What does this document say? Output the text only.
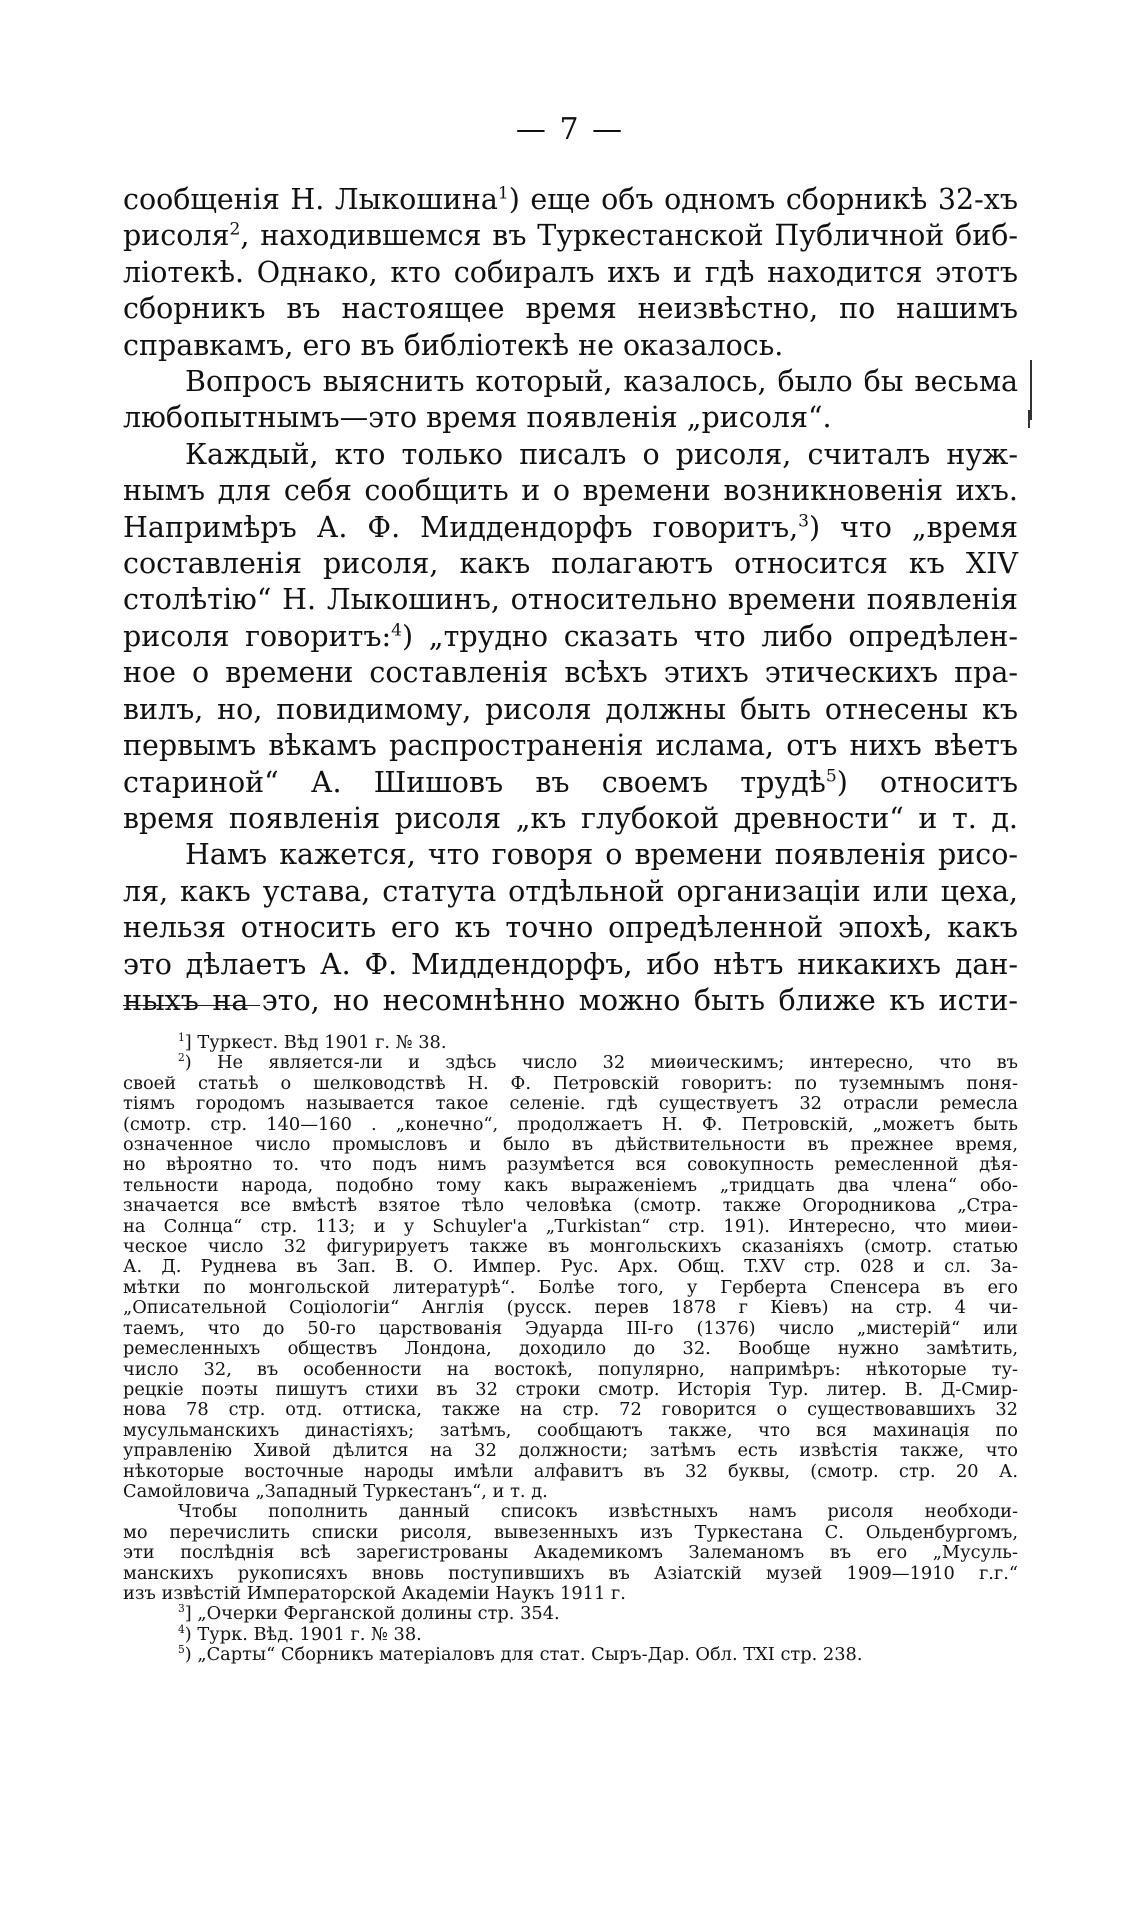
— 7 —
сообщенія Н. Лыкошина$^1$) еще объ одномъ сборникѣ 32-хъ
рисоля$^2$, находившемся въ Туркестанской Публичной биб-
ліотекѣ. Однако, кто собиралъ ихъ и гдѣ находится этотъ
сборникъ въ настоящее время неизвѣстно, по нашимъ
справкамъ, его въ библіотекѣ не оказалось.
Вопросъ выяснить который, казалось, было бы весьма
любопытнымъ—это время появленія „рисоля“.
Каждый, кто только писалъ о рисоля, считалъ нуж-
нымъ для себя сообщить и о времени возникновенія ихъ.
Напримѣръ А. Ф. Миддендорфъ говоритъ,$^3$) что „время
составленія рисоля, какъ полагаютъ относится къ XIV
столѣтію“ Н. Лыкошинъ, относительно времени появленія
рисоля говоритъ:$^4$) „трудно сказать что либо опредѣлен-
ное о времени составленія всѣхъ этихъ этическихъ пра-
вилъ, но, повидимому, рисоля должны быть отнесены къ
первымъ вѣкамъ распространенія ислама, отъ нихъ вѣетъ
стариной“ А. Шишовъ въ своемъ трудѣ$^5$) относитъ
время появленія рисоля „къ глубокой древности“ и т. д.
Намъ кажется, что говоря о времени появленія рисо-
ля, какъ устава, статута отдѣльной организаціи или цеха,
нельзя относить его къ точно опредѣленной эпохѣ, какъ
это дѣлаетъ А. Ф. Миддендорфъ, ибо нѣтъ никакихъ дан-
ныхъ на это, но несомнѣнно можно быть ближе къ исти-
$^1$] Туркест. Вѣд 1901 г. № 38.
$^2$) Не является-ли и здѣсь число 32 миѳическимъ; интересно, что въ
своей статьѣ о шелководствѣ Н. Ф. Петровскій говоритъ: по туземнымъ поня-
тіямъ городомъ называется такое селеніе. гдѣ существуетъ 32 отрасли ремесла
(смотр. стр. 140—160 . „конечно“, продолжаетъ Н. Ф. Петровскій, „можетъ быть
означенное число промысловъ и было въ дѣйствительности въ прежнее время,
но вѣроятно то. что подъ нимъ разумѣется вся совокупность ремесленной дѣя-
тельности народа, подобно тому какъ выраженіемъ „тридцать два члена“ обо-
значается все вмѣстѣ взятое тѣло человѣка (смотр. также Огородникова „Стра-
на Солнца“ стр. 113; и у Schuyler'a „Turkistan“ стр. 191). Интересно, что миѳи-
ческое число 32 фигурируетъ также въ монгольскихъ сказаніяхъ (смотр. статью
А. Д. Руднева въ Зап. В. О. Импер. Рус. Арх. Общ. T.XV стр. 028 и сл. За-
мѣтки по монгольской литературѣ“. Болѣе того, у Герберта Спенсера въ его
„Описательной Соціологіи“ Англія (русск. перев 1878 г Кіевъ) на стр. 4 чи-
таемъ, что до 50-го царствованія Эдуарда III-го (1376) число „мистерій“ или
ремесленныхъ обществъ Лондона, доходило до 32. Вообще нужно замѣтить,
число 32, въ особенности на востокѣ, популярно, напримѣръ: нѣкоторые ту-
рецкіе поэты пишутъ стихи въ 32 строки смотр. Исторія Тур. литер. В. Д-Смир-
нова 78 стр. отд. оттиска, также на стр. 72 говорится о существовавшихъ 32
мусульманскихъ династіяхъ; затѣмъ, сообщаютъ также, что вся махинація по
управленію Хивой дѣлится на 32 должности; затѣмъ есть извѣстія также, что
нѣкоторые восточные народы имѣли алфавитъ въ 32 буквы, (смотр. стр. 20 А.
Самойловича „Западный Туркестанъ“, и т. д.
Чтобы пополнить данный списокъ извѣстныхъ намъ рисоля необходи-
мо перечислить списки рисоля, вывезенныхъ изъ Туркестана С. Ольденбургомъ,
эти послѣднія всѣ зарегистрованы Академикомъ Залеманомъ въ его „Мусуль-
манскихъ рукописяхъ вновь поступившихъ въ Азіатскій музей 1909—1910 г.г.“
изъ извѣстій Императорской Академіи Наукъ 1911 г.
$^3$] „Очерки Ферганской долины стр. 354.
$^4$) Турк. Вѣд. 1901 г. № 38.
$^5$) „Сарты“ Сборникъ матеріаловъ для стат. Сыръ-Дар. Обл. TXI стр. 238.
